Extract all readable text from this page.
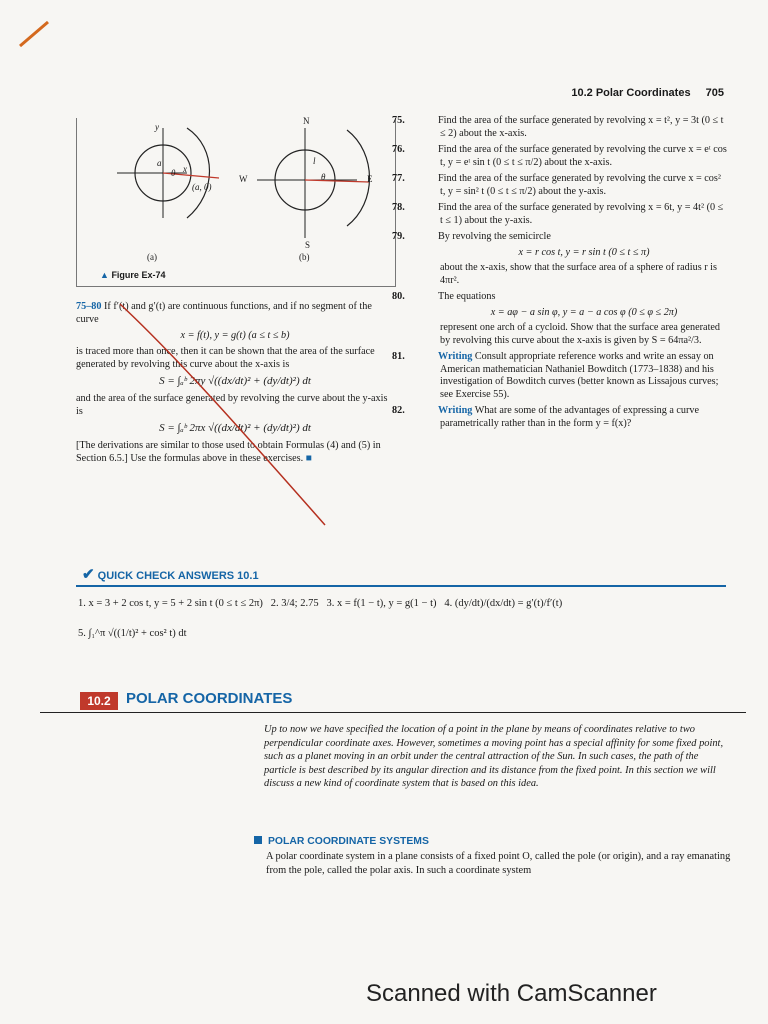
10.2 Polar Coordinates 705
y
x
a
θ
(a, 0)
N
S
W	E
l
θ
(a)	(b)
▲ Figure Ex-74

75–80 If f′(t) and g′(t) are continuous functions, and if no segment of the curve

x = f(t), y = g(t) (a ≤ t ≤ b)

is traced more than once, then it can be shown that the area of the surface generated by revolving this curve about the x-axis is

S = ∫ₐᵇ 2πy √((dx/dt)² + (dy/dt)²) dt

and the area of the surface generated by revolving the curve about the y-axis is

S = ∫ₐᵇ 2πx √((dx/dt)² + (dy/dt)²) dt

[The derivations are similar to those used to obtain Formulas (4) and (5) in Section 6.5.] Use the formulas above in these exercises. ■

75.	Find the area of the surface generated by revolving x = t², y = 3t (0 ≤ t ≤ 2) about the x-axis.
76.	Find the area of the surface generated by revolving the curve x = eᵗ cos t, y = eᵗ sin t (0 ≤ t ≤ π/2) about the x-axis.
77.	Find the area of the surface generated by revolving the curve x = cos² t, y = sin² t (0 ≤ t ≤ π/2) about the y-axis.
78.	Find the area of the surface generated by revolving x = 6t, y = 4t² (0 ≤ t ≤ 1) about the y-axis.
79.	By revolving the semicircle
x = r cos t, y = r sin t (0 ≤ t ≤ π)
about the x-axis, show that the surface area of a sphere of radius r is 4πr².
80.	The equations
x = aφ − a sin φ, y = a − a cos φ (0 ≤ φ ≤ 2π)
represent one arch of a cycloid. Show that the surface area generated by revolving this curve about the x-axis is given by S = 64πa²/3.
81.	Writing Consult appropriate reference works and write an essay on American mathematician Nathaniel Bowditch (1773–1838) and his investigation of Bowditch curves (better known as Lissajous curves; see Exercise 55).
82.	Writing What are some of the advantages of expressing a curve parametrically rather than in the form y = f(x)?
✔ QUICK CHECK ANSWERS 10.1
1. x = 3 + 2 cos t, y = 5 + 2 sin t (0 ≤ t ≤ 2π) 2. 3/4; 2.75 3. x = f(1 − t), y = g(1 − t) 4. (dy/dt)/(dx/dt) = g′(t)/f′(t)
5. ∫₁^π √((1/t)² + cos² t) dt
10.2	POLAR COORDINATES
Up to now we have specified the location of a point in the plane by means of coordinates relative to two perpendicular coordinate axes. However, sometimes a moving point has a special affinity for some fixed point, such as a planet moving in an orbit under the central attraction of the Sun. In such cases, the path of the particle is best described by its angular direction and its distance from the fixed point. In this section we will discuss a new kind of coordinate system that is based on this idea.
POLAR COORDINATE SYSTEMS
A polar coordinate system in a plane consists of a fixed point O, called the pole (or origin), and a ray emanating from the pole, called the polar axis. In such a coordinate system
Scanned with CamScanner
